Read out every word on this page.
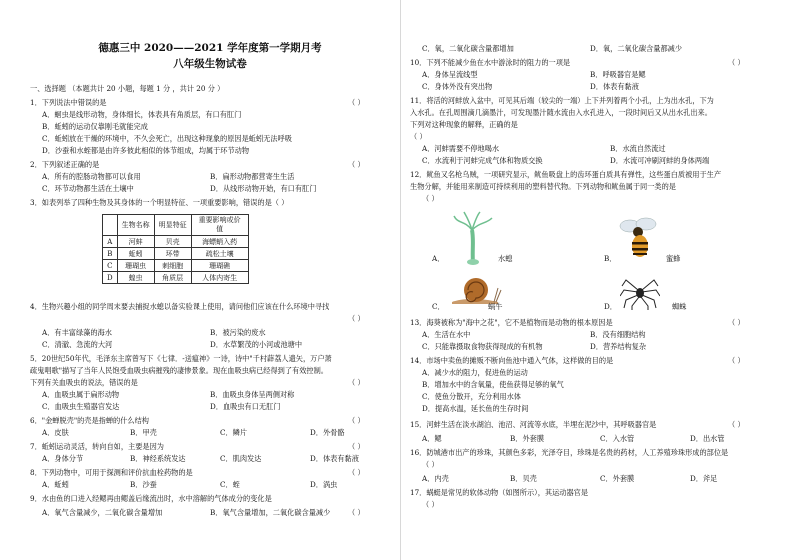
德惠三中 2020——2021 学年度第一学期月考
八年级生物试卷
一、选择题 （本题共计 20 小题，每题 1 分 ，共计 20 分 ）
1．下列说法中错误的是	（ ）
A．蛔虫是线形动物，身体细长，体表具有角质层，有口有肛门
B．蚯蚓的运动仅靠刚毛就能完成
C．蚯蚓放在干燥的环境中，不久会死亡，出现这种现象的原因是蚯蚓无法呼吸
D．沙蚕和水蛭都是由许多彼此相似的体节组成，均属于环节动物
2．下列叙述正确的是	（ ）
A．所有的腔肠动物都可以食用	B．扁形动物都营寄生生活
C．环节动物都生活在土壤中	D．从线形动物开始，有口有肛门
3．如表列举了四种生物及其身体的一个明显特征、一项重要影响，错误的是（ ）
	生物名称	明显特征	重要影响或价值
A	河蚌	贝壳	海螵蛸入药
B	蚯蚓	环带	疏松土壤
C	珊瑚虫	刺细胞	珊瑚礁
D	蝗虫	角质层	人体内寄生
4．生物兴趣小组的同学周末要去捕捉水螅以备实验课上使用，请问他们应该在什么环境中寻找
（ ）
A．有丰富绿藻的海水	B．被污染的废水
C．清澈、急流的大河	D．水草繁茂的小河或池塘中
5．20世纪50年代，毛泽东主席曾写下《七律．-送瘟神》一诗，诗中"千村薜荔人遗矢，万户萧
疏鬼唱歌"描写了当年人民饱受血吸虫病摧残的凄惨景象。现在血吸虫病已经得到了有效控制。
下列有关血吸虫的说法，错误的是	（ ）
A．血吸虫属于扁形动物	B．血吸虫身体呈两侧对称
C．血吸虫生殖器官发达	D．血吸虫有口无肛门
6．"金蝉脱壳"的壳是指蝉的什么结构	（ ）
A．皮肤	B．甲壳	C．鳞片	D．外骨骼
7．蚯蚓运动灵活，转向自如，主要是因为	（ ）
A．身体分节	B．神经系统发达	C．肌肉发达	D．体表有黏液
8．下列动物中，可用于探测和评价抗血栓药物的是	（ ）
A．蚯蚓	B．沙蚕	C．蛭	D．涡虫
9．水由鱼的口进入经鳃再由鳃盖后缘流出时，水中溶解的气体成分的变化是
A．氧气含量减少，二氧化碳含量增加	B．氧气含量增加，二氧化碳含量减少 （ ）
C．氧，二氧化碳含量都增加	D．氧，二氧化碳含量都减少
10．下列不能减少鱼在水中游泳时的阻力的一项是	（ ）
A．身体呈流线型	B．呼吸器官是鳃
C．身体外没有突出物	D．体表有黏液
11．将活的河蚌放入盆中，可见其后端（较尖的一端）上下并列着两个小孔，上为出水孔，下为
入水孔。在孔周围滴几滴墨汁，可发现墨汁随水流由入水孔进入，一段时间后又从出水孔出来。
下列对这种现象的解释，正确的是
（ ）
A．河蚌需要不停地喝水	B．水流自然流过
C．水流利于河蚌完成气体和物质交换	D．水流可冲刷河蚌的身体两端
12．鱿鱼又名枪乌贼，一项研究显示，鱿鱼吸盘上的齿环蛋白质具有弹性，这些蛋白质被用于生产
生物分解，并能用来制造可持续利用的塑料替代物。下列动物和鱿鱼属于同一类的是
（ ）
A．	水螅	B．	蜜蜂
C．	蜗牛	D．	蜘蛛
13．海葵被称为"海中之花"，它不是植物而是动物的根本原因是	（ ）
A．生活在水中	B．没有细胞结构
C．只能靠摄取食物获得现成的有机物	D．营养结构复杂
14．市场中卖鱼的摊贩不断向鱼池中通入气体，这样做的目的是	（ ）
A．减少水的阻力，促进鱼的运动
B．增加水中的含氧量，使鱼获得足够的氧气
C．使鱼分散开，充分利用水体
D．提高水温，延长鱼的生存时间
15．河蚌生活在淡水湖泊、池沼、河流等水底，半埋在泥沙中，其呼吸器官是	（ ）
A．鳃	B．外套膜	C．入水管	D．出水管
16．防城港市出产的珍珠，其颜色多彩，光泽夺目，珍珠是名贵的药材，人工养殖珍珠形成的部位是
（ ）
A．内壳	B．贝壳	C．外套膜	D．斧足
17．蜗蜓是常见的软体动物（如图所示），其运动器官是
（ ）
